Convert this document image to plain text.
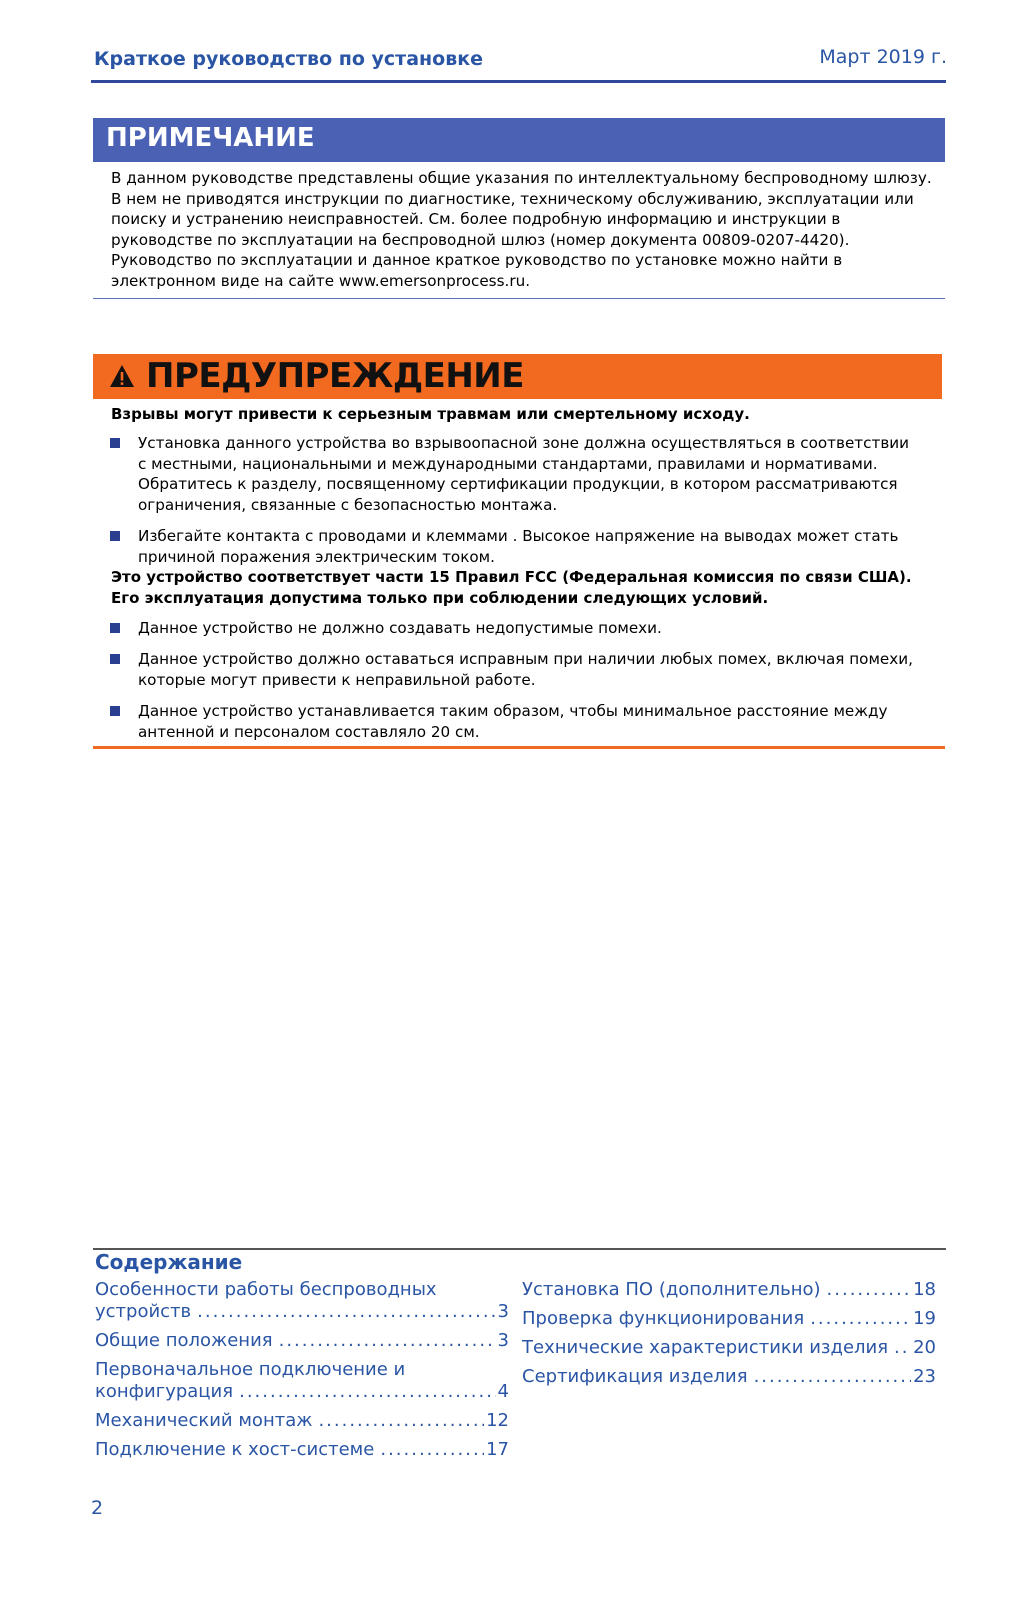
Краткое руководство по установке	Март 2019 г.
ПРИМЕЧАНИЕ
В данном руководстве представлены общие указания по интеллектуальному беспроводному шлюзу.
В нем не приводятся инструкции по диагностике, техническому обслуживанию, эксплуатации или
поиску и устранению неисправностей. См. более подробную информацию и инструкции в
руководстве по эксплуатации на беспроводной шлюз (номер документа 00809-0207-4420).
Руководство по эксплуатации и данное краткое руководство по установке можно найти в
электронном виде на сайте www.emersonprocess.ru.
ПРЕДУПРЕЖДЕНИЕ
Взрывы могут привести к серьезным травмам или смертельному исходу.
Установка данного устройства во взрывоопасной зоне должна осуществляться в соответствии
с местными, национальными и международными стандартами, правилами и нормативами.
Обратитесь к разделу, посвященному сертификации продукции, в котором рассматриваются
ограничения, связанные с безопасностью монтажа.
Избегайте контакта с проводами и клеммами . Высокое напряжение на выводах может стать
причиной поражения электрическим током.
Это устройство соответствует части 15 Правил FCC (Федеральная комиссия по связи США).
Его эксплуатация допустима только при соблюдении следующих условий.
Данное устройство не должно создавать недопустимые помехи.
Данное устройство должно оставаться исправным при наличии любых помех, включая помехи,
которые могут привести к неправильной работе.
Данное устройство устанавливается таким образом, чтобы минимальное расстояние между
антенной и персоналом составляло 20 см.
Содержание
Особенности работы беспроводных
устройств .....	3
Общие положения .....	3
Первоначальное подключение и
конфигурация .....	4
Механический монтаж .....	12
Подключение к хост-системе .....	17
Установка ПО (дополнительно) .....	18
Проверка функционирования .....	19
Технические характеристики изделия ..... 20
Сертификация изделия .....	23
2
